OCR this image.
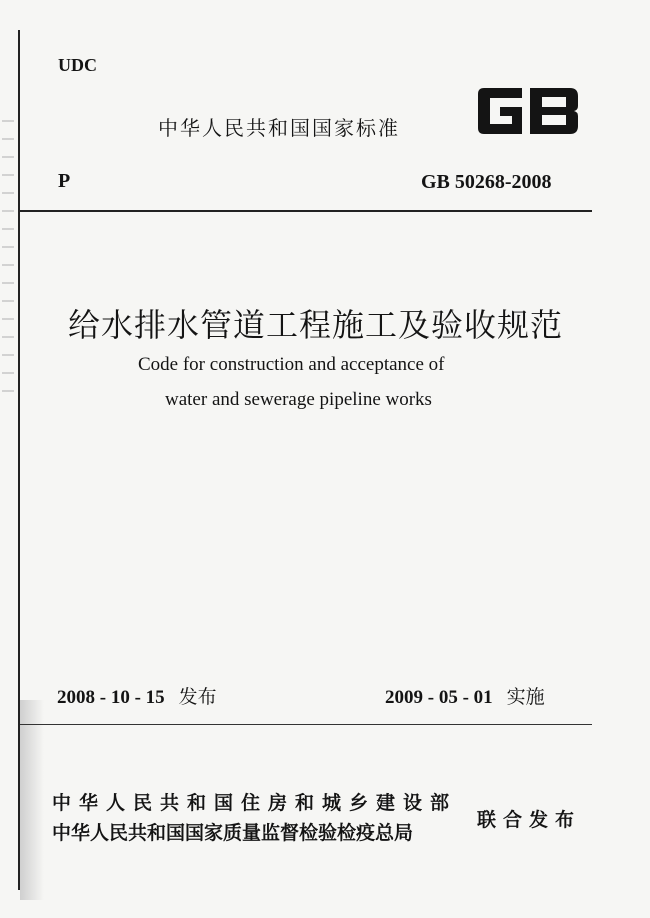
UDC
中华人民共和国国家标准
P	GB 50268-2008
给水排水管道工程施工及验收规范
Code for construction and acceptance of
water and sewerage pipeline works
2008 - 10 - 15 发布	2009 - 05 - 01 实施
中华人民共和国住房和城乡建设部
中华人民共和国国家质量监督检验检疫总局
联合发布
